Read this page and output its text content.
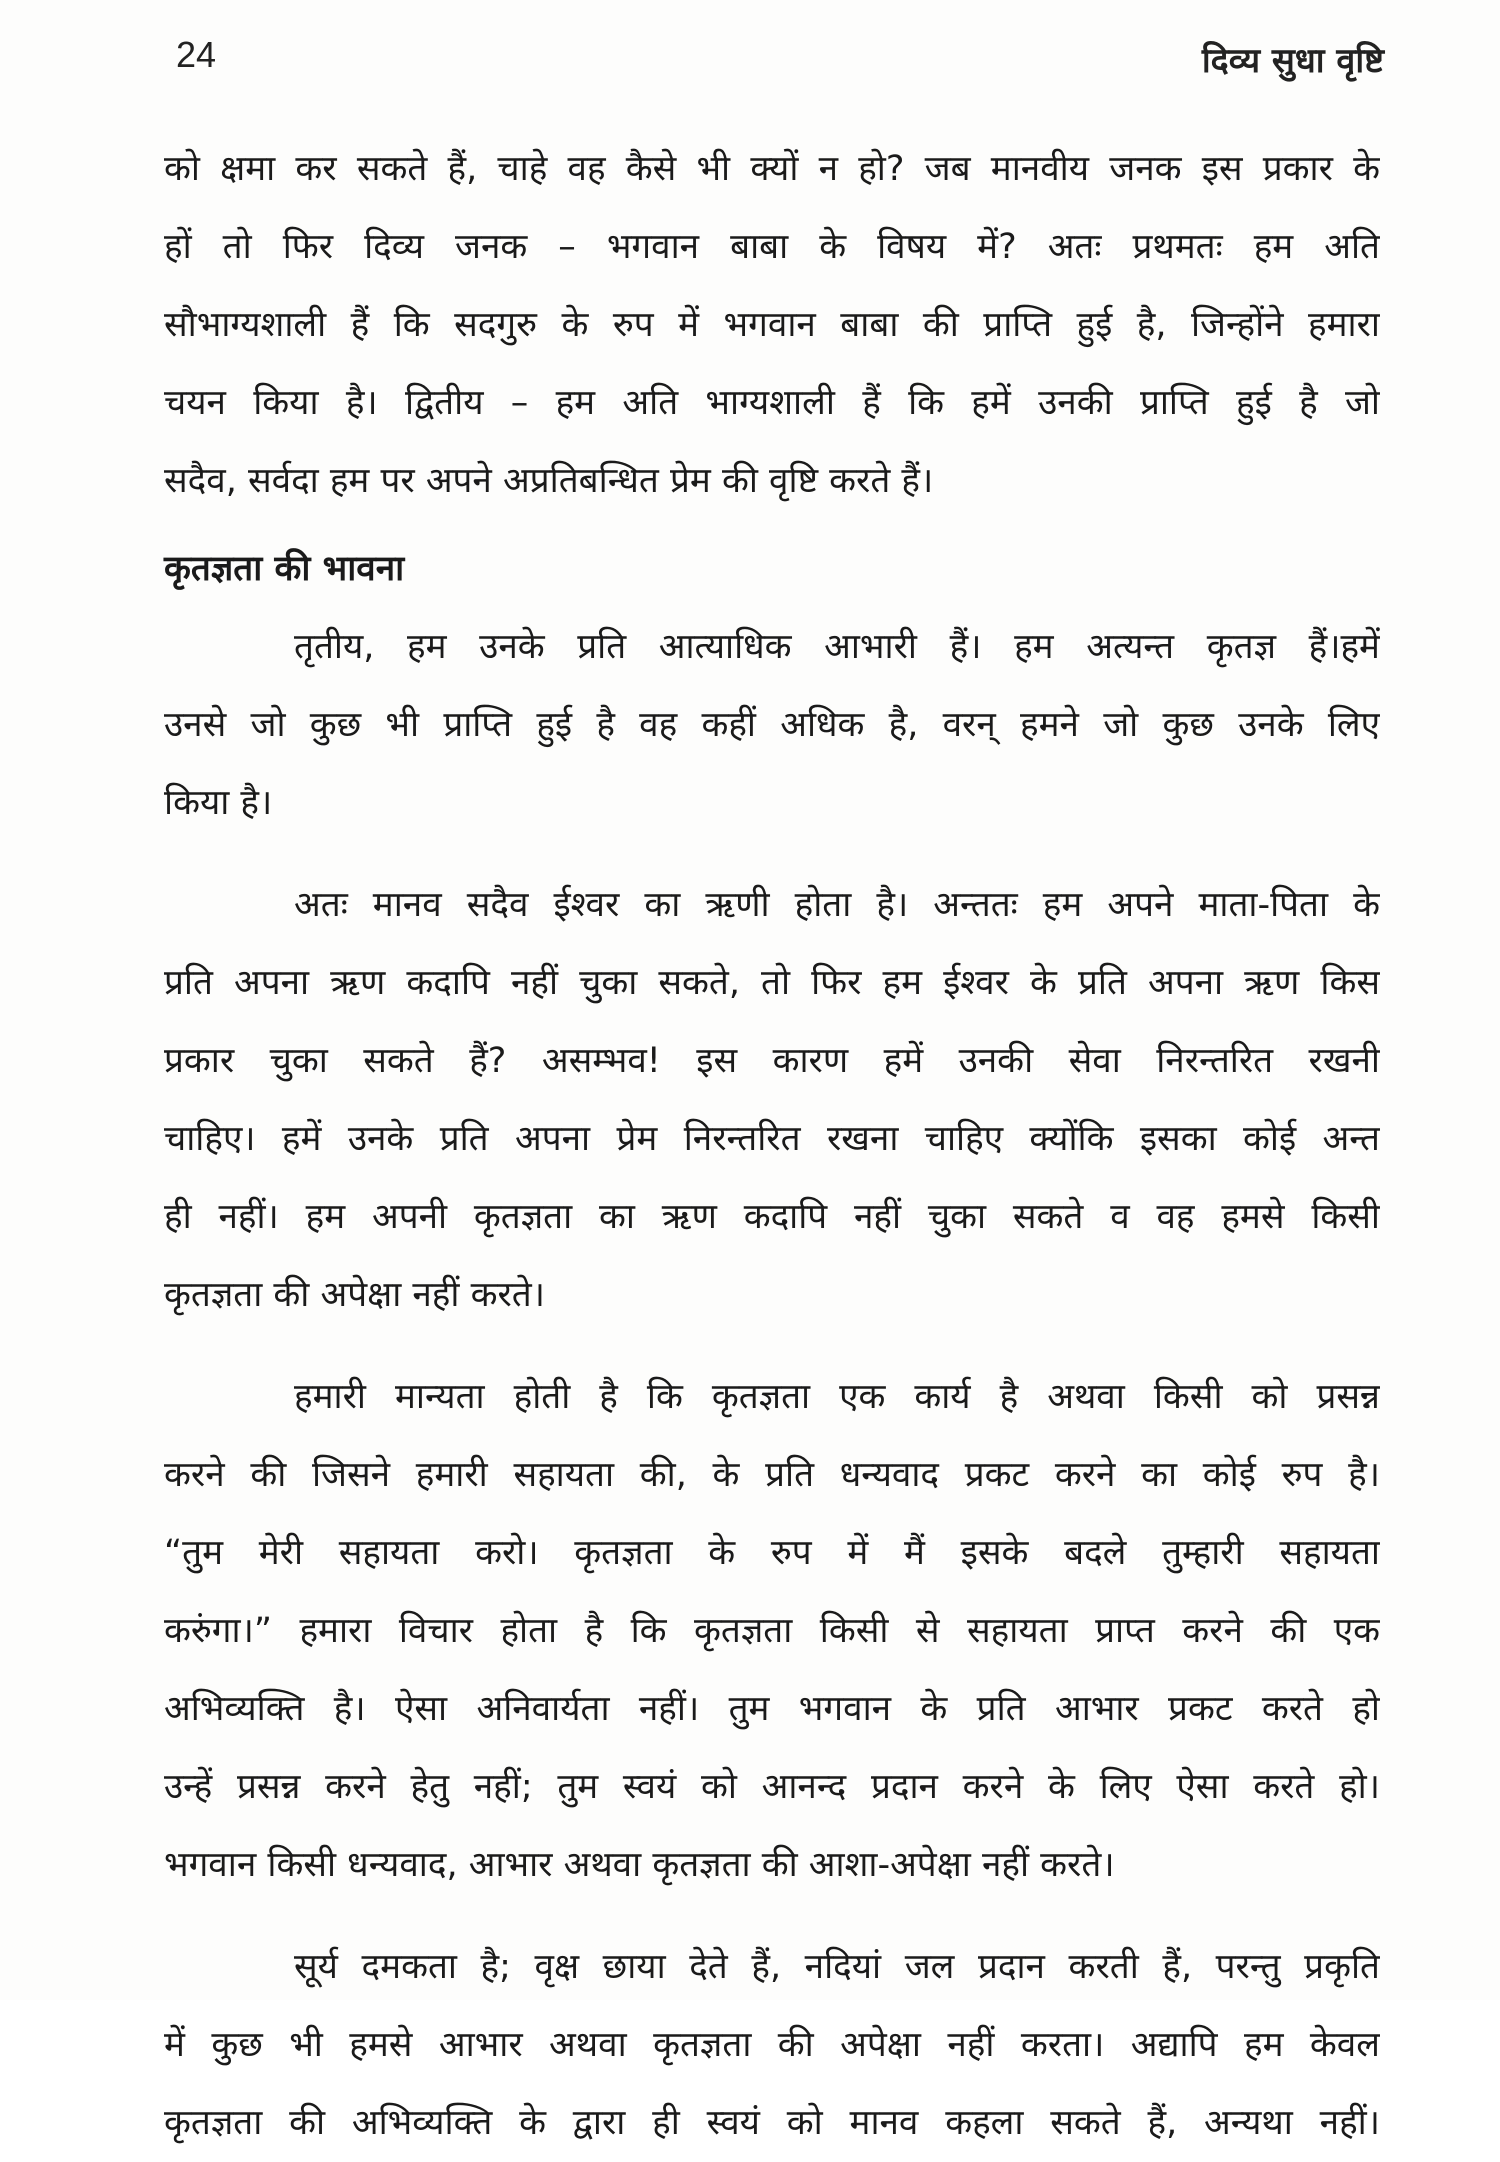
24	दिव्य सुधा वृष्टि
को क्षमा कर सकते हैं, चाहे वह कैसे भी क्यों न हो? जब मानवीय जनक इस प्रकार के
हों तो फिर दिव्य जनक – भगवान बाबा के विषय में? अतः प्रथमतः हम अति
सौभाग्यशाली हैं कि सदगुरु के रुप में भगवान बाबा की प्राप्ति हुई है, जिन्होंने हमारा
चयन किया है। द्वितीय – हम अति भाग्यशाली हैं कि हमें उनकी प्राप्ति हुई है जो
सदैव, सर्वदा हम पर अपने अप्रतिबन्धित प्रेम की वृष्टि करते हैं।
कृतज्ञता की भावना
तृतीय, हम उनके प्रति आत्याधिक आभारी हैं। हम अत्यन्त कृतज्ञ हैं।हमें
उनसे जो कुछ भी प्राप्ति हुई है वह कहीं अधिक है, वरन् हमने जो कुछ उनके लिए
किया है।
अतः मानव सदैव ईश्वर का ऋणी होता है। अन्ततः हम अपने माता-पिता के
प्रति अपना ऋण कदापि नहीं चुका सकते, तो फिर हम ईश्वर के प्रति अपना ऋण किस
प्रकार चुका सकते हैं? असम्भव! इस कारण हमें उनकी सेवा निरन्तरित रखनी
चाहिए। हमें उनके प्रति अपना प्रेम निरन्तरित रखना चाहिए क्योंकि इसका कोई अन्त
ही नहीं। हम अपनी कृतज्ञता का ऋण कदापि नहीं चुका सकते व वह हमसे किसी
कृतज्ञता की अपेक्षा नहीं करते।
हमारी मान्यता होती है कि कृतज्ञता एक कार्य है अथवा किसी को प्रसन्न
करने की जिसने हमारी सहायता की, के प्रति धन्यवाद प्रकट करने का कोई रुप है।
“तुम मेरी सहायता करो। कृतज्ञता के रुप में मैं इसके बदले तुम्हारी सहायता
करुंगा।” हमारा विचार होता है कि कृतज्ञता किसी से सहायता प्राप्त करने की एक
अभिव्यक्ति है। ऐसा अनिवार्यता नहीं। तुम भगवान के प्रति आभार प्रकट करते हो
उन्हें प्रसन्न करने हेतु नहीं; तुम स्वयं को आनन्द प्रदान करने के लिए ऐसा करते हो।
भगवान किसी धन्यवाद, आभार अथवा कृतज्ञता की आशा-अपेक्षा नहीं करते।
सूर्य दमकता है; वृक्ष छाया देते हैं, नदियां जल प्रदान करती हैं, परन्तु प्रकृति
में कुछ भी हमसे आभार अथवा कृतज्ञता की अपेक्षा नहीं करता। अद्यापि हम केवल
कृतज्ञता की अभिव्यक्ति के द्वारा ही स्वयं को मानव कहला सकते हैं, अन्यथा नहीं।
